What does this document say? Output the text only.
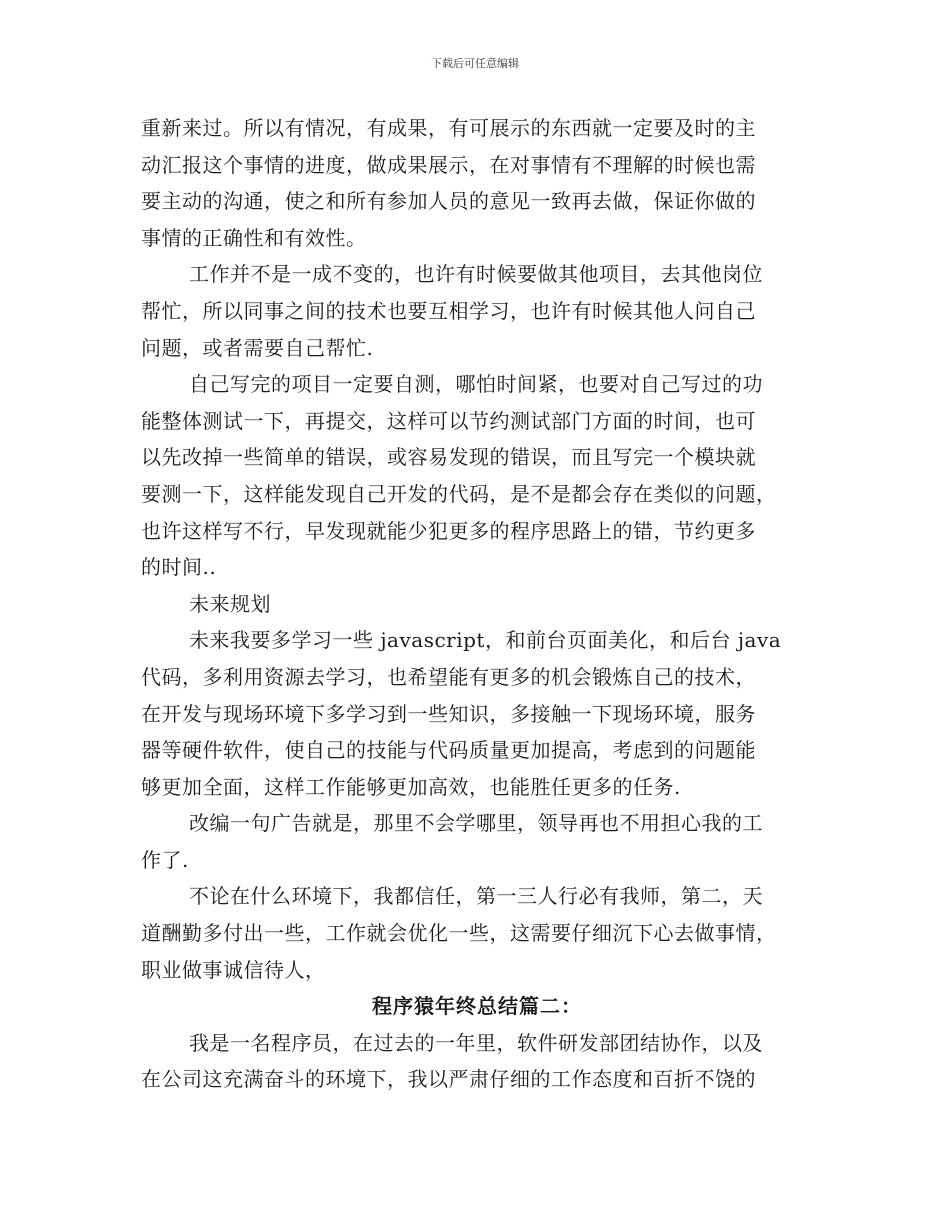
下载后可任意编辑

重新来过。所以有情况，有成果，有可展示的东西就一定要及时的主
动汇报这个事情的进度，做成果展示，在对事情有不理解的时候也需
要主动的沟通，使之和所有参加人员的意见一致再去做，保证你做的
事情的正确性和有效性。

工作并不是一成不变的，也许有时候要做其他项目，去其他岗位
帮忙，所以同事之间的技术也要互相学习，也许有时候其他人问自己
问题，或者需要自己帮忙.

自己写完的项目一定要自测，哪怕时间紧，也要对自己写过的功
能整体测试一下，再提交，这样可以节约测试部门方面的时间，也可
以先改掉一些简单的错误，或容易发现的错误，而且写完一个模块就
要测一下，这样能发现自己开发的代码，是不是都会存在类似的问题，
也许这样写不行，早发现就能少犯更多的程序思路上的错，节约更多
的时间..

未来规划

未来我要多学习一些 javascript，和前台页面美化，和后台 java
代码，多利用资源去学习，也希望能有更多的机会锻炼自己的技术，
在开发与现场环境下多学习到一些知识，多接触一下现场环境，服务
器等硬件软件，使自己的技能与代码质量更加提高，考虑到的问题能
够更加全面，这样工作能够更加高效，也能胜任更多的任务.

改编一句广告就是，那里不会学哪里，领导再也不用担心我的工
作了.

不论在什么环境下，我都信任，第一三人行必有我师，第二，天
道酬勤多付出一些，工作就会优化一些，这需要仔细沉下心去做事情，
职业做事诚信待人，

程序猿年终总结篇二：

我是一名程序员，在过去的一年里，软件研发部团结协作，以及
在公司这充满奋斗的环境下，我以严肃仔细的工作态度和百折不饶的
